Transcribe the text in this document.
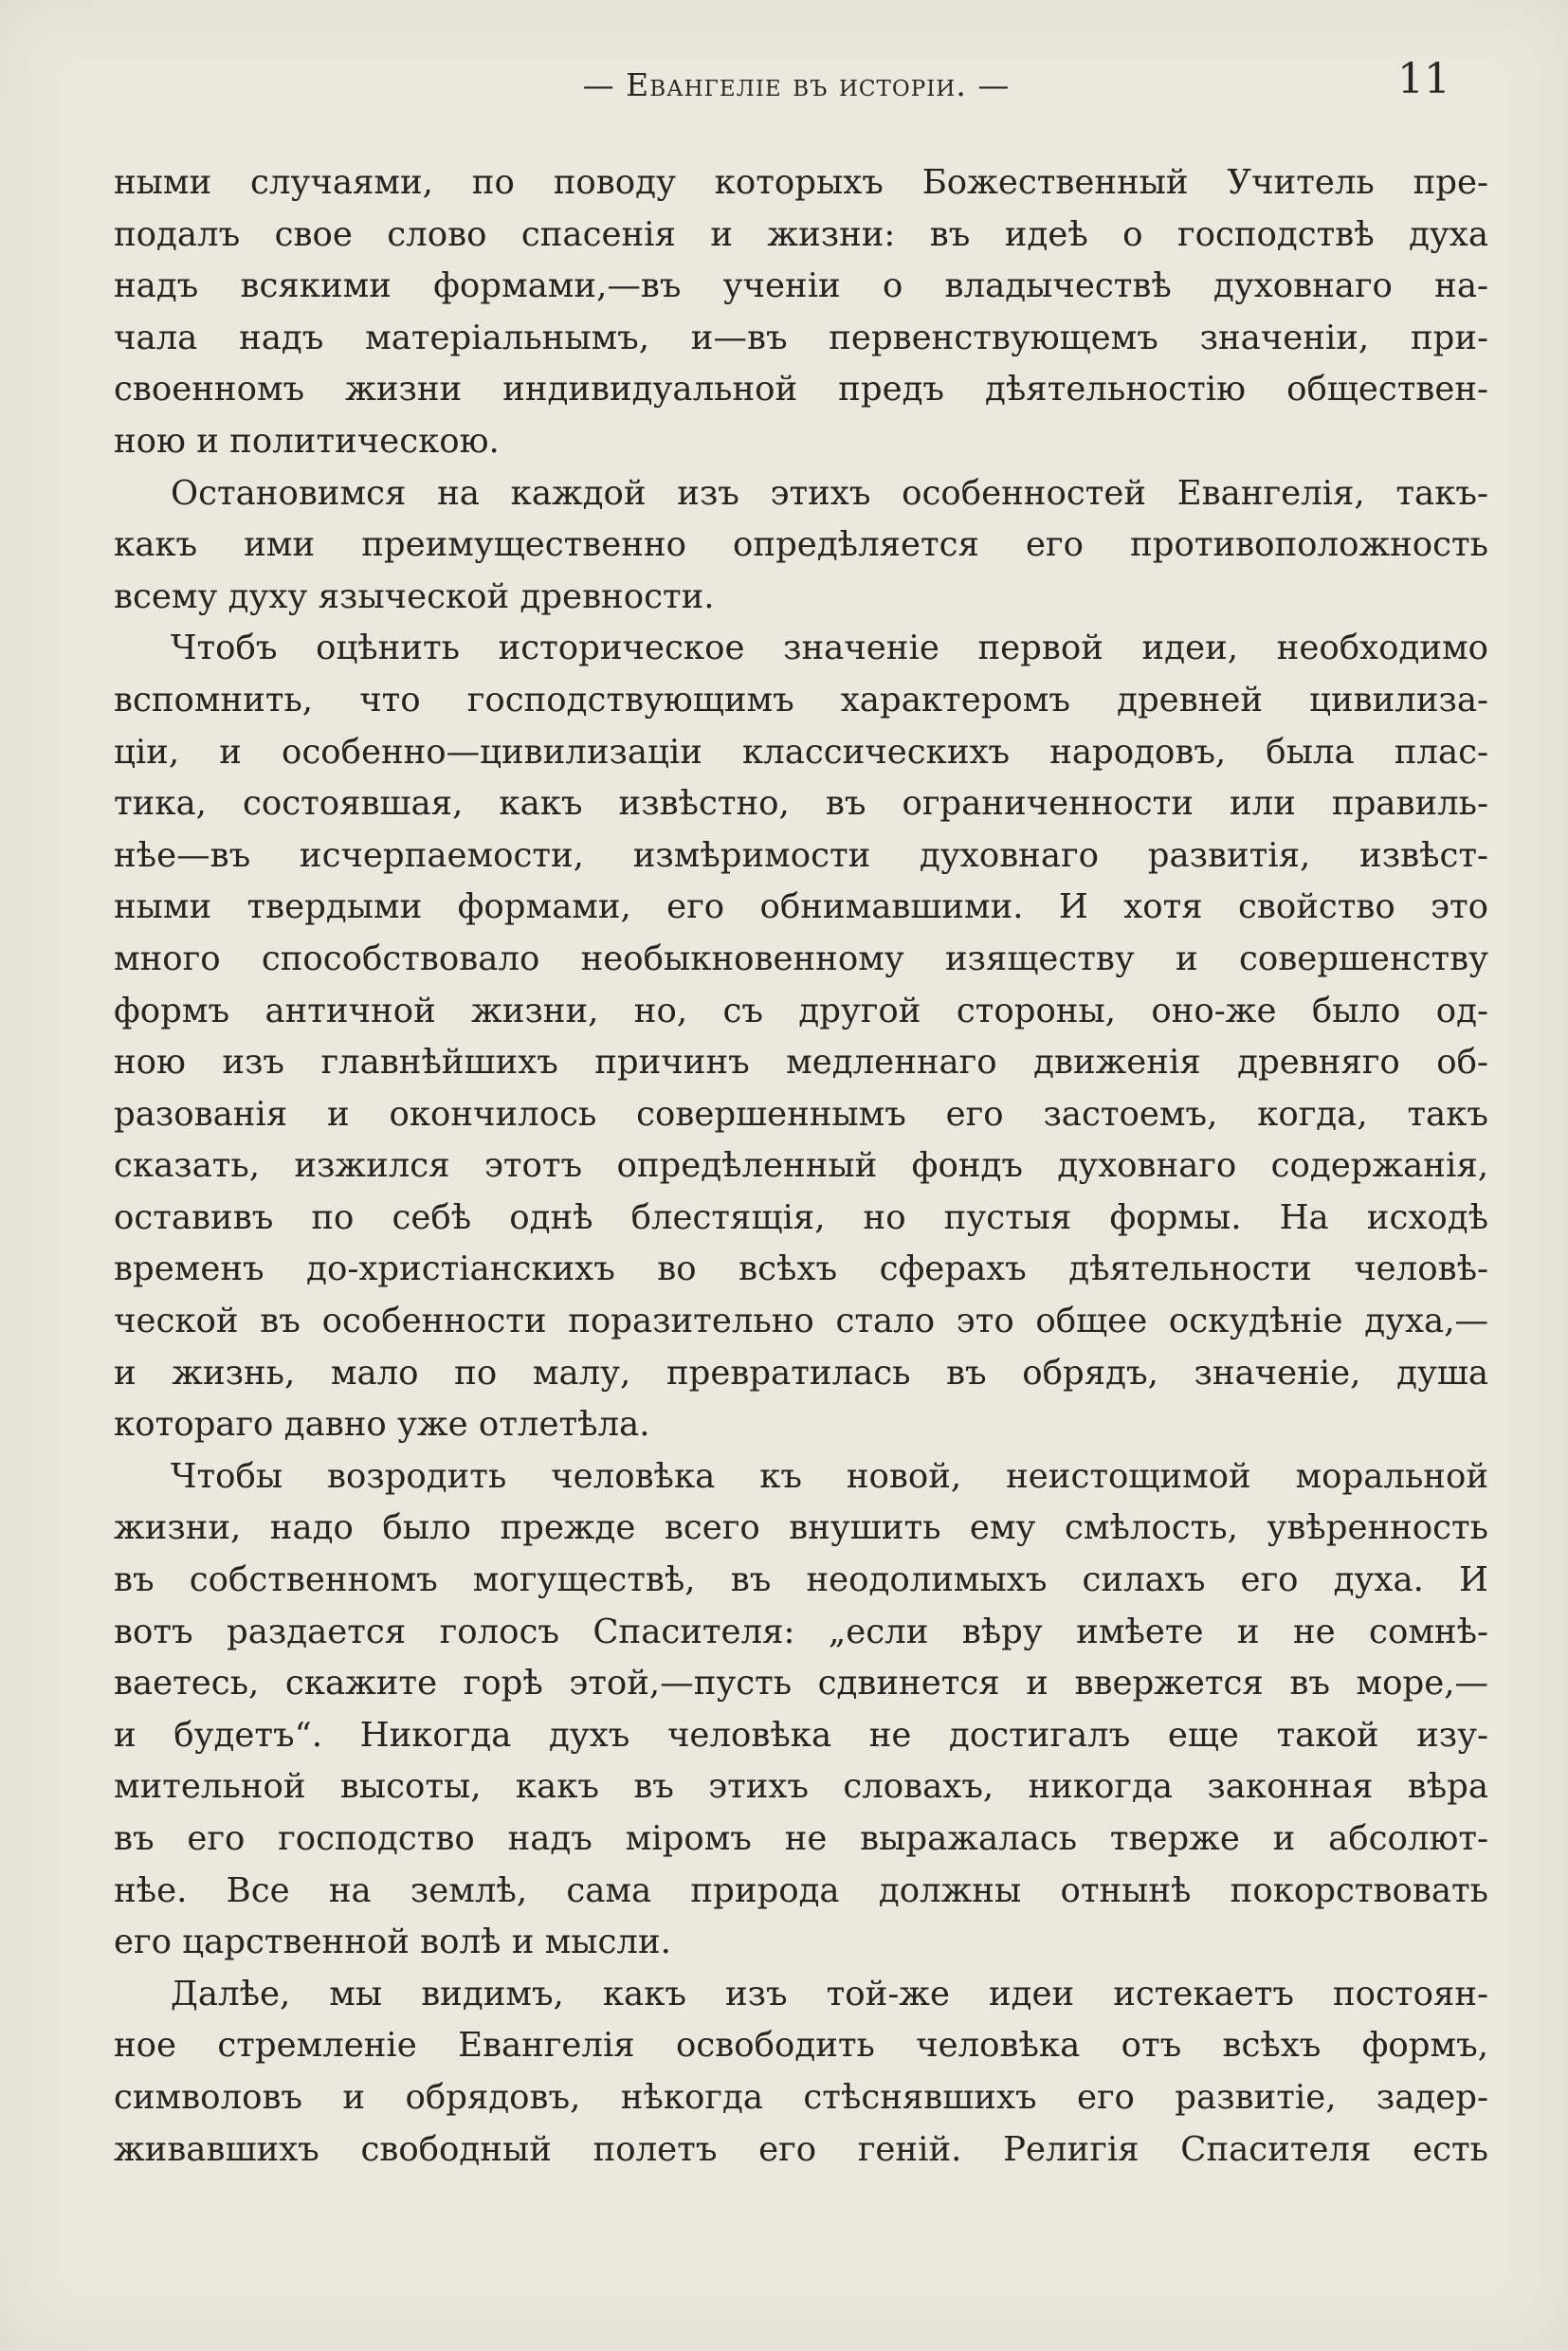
— Евангеліе въ исторіи. —	11
ными случаями, по поводу которыхъ Божественный Учитель пре-
подалъ свое слово спасенія и жизни: въ идеѣ о господствѣ духа
надъ всякими формами,—въ ученіи о владычествѣ духовнаго на-
чала надъ матеріальнымъ, и—въ первенствующемъ значеніи, при-
своенномъ жизни индивидуальной предъ дѣятельностію обществен-
ною и политическою.
Остановимся на каждой изъ этихъ особенностей Евангелія, такъ-
какъ ими преимущественно опредѣляется его противоположность
всему духу языческой древности.
Чтобъ оцѣнить историческое значеніе первой идеи, необходимо
вспомнить, что господствующимъ характеромъ древней цивилиза-
ціи, и особенно—цивилизаціи классическихъ народовъ, была плас-
тика, состоявшая, какъ извѣстно, въ ограниченности или правиль-
нѣе—въ исчерпаемости, измѣримости духовнаго развитія, извѣст-
ными твердыми формами, его обнимавшими. И хотя свойство это
много способствовало необыкновенному изяществу и совершенству
формъ античной жизни, но, съ другой стороны, оно-же было од-
ною изъ главнѣйшихъ причинъ медленнаго движенія древняго об-
разованія и окончилось совершеннымъ его застоемъ, когда, такъ
сказать, изжился этотъ опредѣленный фондъ духовнаго содержанія,
оставивъ по себѣ однѣ блестящія, но пустыя формы. На исходѣ
временъ до-христіанскихъ во всѣхъ сферахъ дѣятельности человѣ-
ческой въ особенности поразительно стало это общее оскудѣніе духа,—
и жизнь, мало по малу, превратилась въ обрядъ, значеніе, душа
котораго давно уже отлетѣла.
Чтобы возродить человѣка къ новой, неистощимой моральной
жизни, надо было прежде всего внушить ему смѣлость, увѣренность
въ собственномъ могуществѣ, въ неодолимыхъ силахъ его духа. И
вотъ раздается голосъ Спасителя: „если вѣру имѣете и не сомнѣ-
ваетесь, скажите горѣ этой,—пусть сдвинется и ввержется въ море,—
и будетъ“. Никогда духъ человѣка не достигалъ еще такой изу-
мительной высоты, какъ въ этихъ словахъ, никогда законная вѣра
въ его господство надъ міромъ не выражалась тверже и абсолют-
нѣе. Все на землѣ, сама природа должны отнынѣ покорствовать
его царственной волѣ и мысли.
Далѣе, мы видимъ, какъ изъ той-же идеи истекаетъ постоян-
ное стремленіе Евангелія освободить человѣка отъ всѣхъ формъ,
символовъ и обрядовъ, нѣкогда стѣснявшихъ его развитіе, задер-
живавшихъ свободный полетъ его геній. Религія Спасителя есть
